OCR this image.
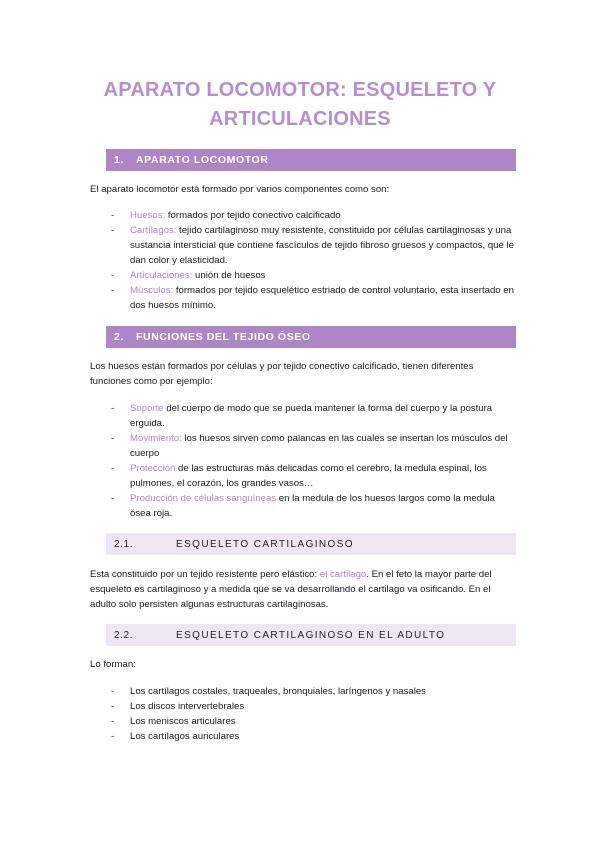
APARATO LOCOMOTOR: ESQUELETO Y
ARTICULACIONES
1.	APARATO LOCOMOTOR
El aparato locomotor está formado por varios componentes como son:
- Huesos: formados por tejido conectivo calcificado
- Cartílagos: tejido cartilaginoso muy resistente, constituido por células cartilaginosas y una sustancia intersticial que contiene fascículos de tejido fibroso gruesos y compactos, que le dan color y elasticidad.
- Articulaciones: unión de huesos
- Músculos: formados por tejido esquelético estriado de control voluntario, esta insertado en dos huesos mínimo.
2.	FUNCIONES DEL TEJIDO ÓSEO
Los huesos están formados por células y por tejido conectivo calcificado, tienen diferentes funciones como por ejemplo:
- Soporte del cuerpo de modo que se pueda mantener la forma del cuerpo y la postura erguida.
- Movimiento: los huesos sirven como palancas en las cuales se insertan los músculos del cuerpo
- Protección de las estructuras más delicadas como el cerebro, la medula espinal, los pulmones, el corazón, los grandes vasos…
- Producción de células sanguíneas en la medula de los huesos largos como la medula ósea roja.
2.1.	ESQUELETO CARTILAGINOSO
Esta constituido por un tejido resistente pero elástico: el cartilago. En el feto la mayor parte del esqueleto es cartilaginoso y a medida que se va desarrollando el cartilago va osificando. En el adulto solo persisten algunas estructuras cartilaginosas.
2.2.	ESQUELETO CARTILAGINOSO EN EL ADULTO
Lo forman:
- Los cartílagos costales, traqueales, bronquiales, laríngenos y nasales
- Los discos intervertebrales
- Los meniscos articulares
- Los cartílagos auriculares
